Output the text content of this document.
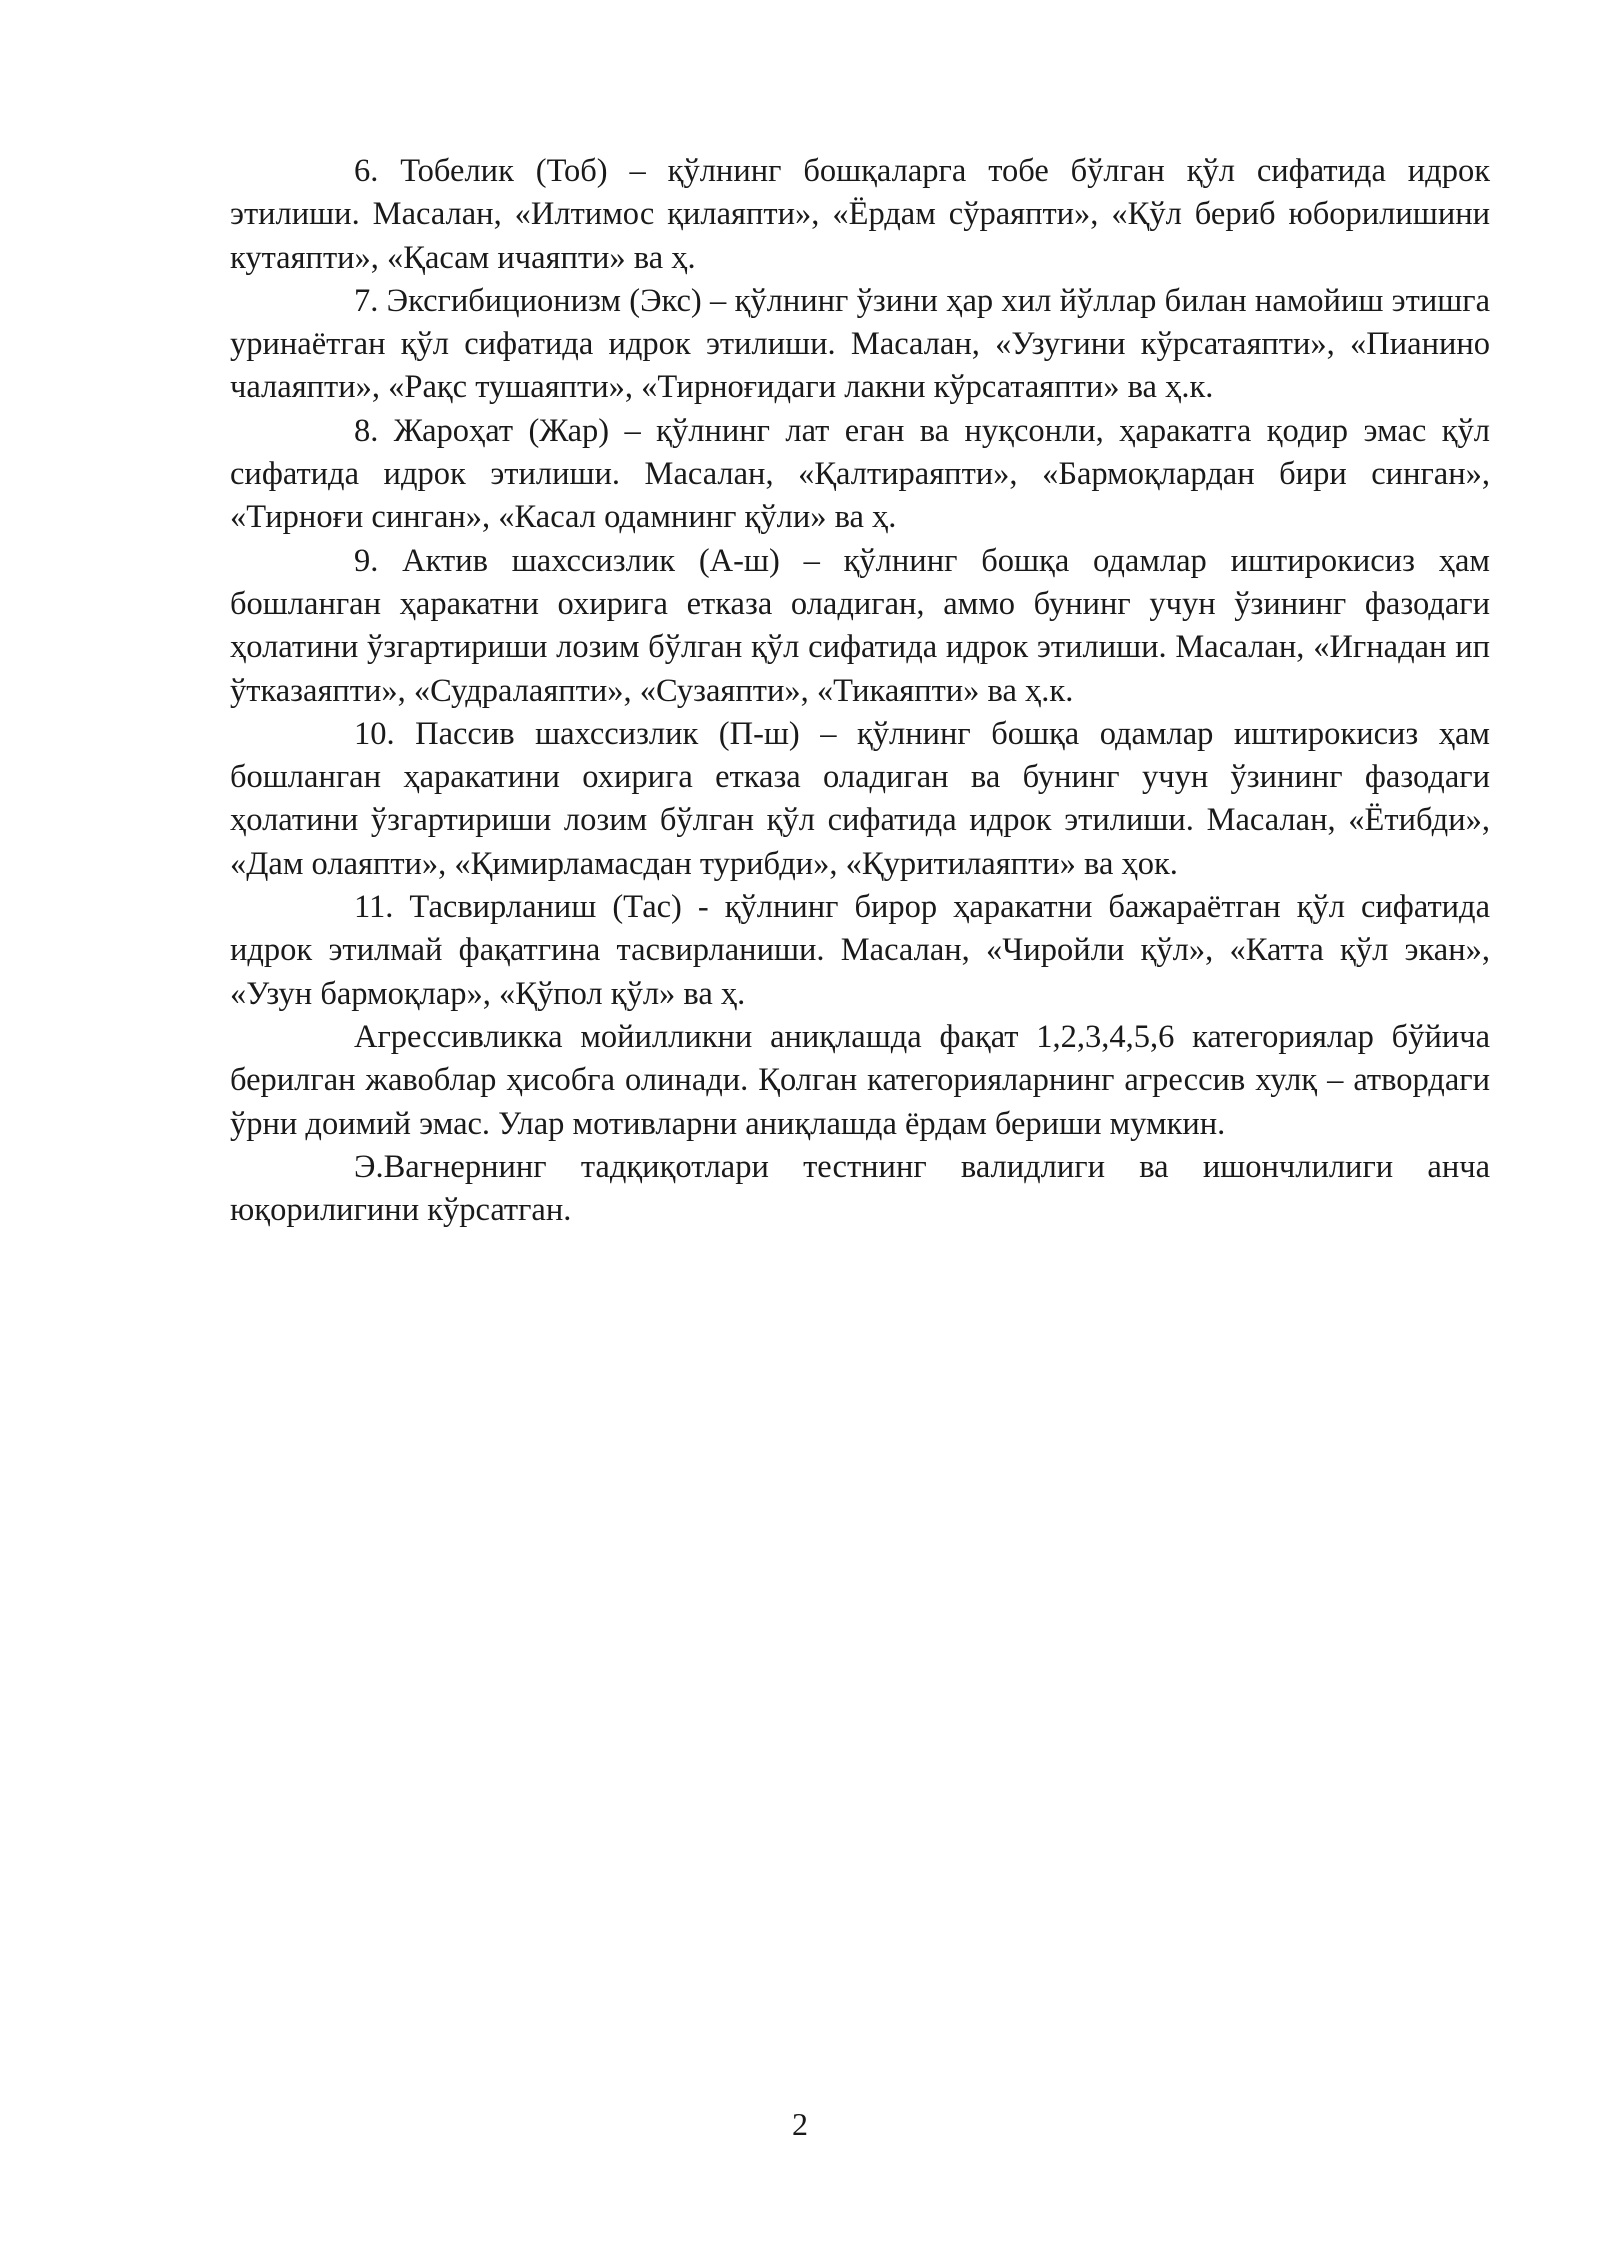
6. Тобелик (Тоб) – қўлнинг бошқаларга тобе бўлган қўл сифатида идрок этилиши. Масалан, «Илтимос қилаяпти», «Ёрдам сўраяпти», «Қўл бериб юборилишини кутаяпти», «Қасам ичаяпти» ва ҳ.

7. Эксгибиционизм (Экс) – қўлнинг ўзини ҳар хил йўллар билан намойиш этишга уринаётган қўл сифатида идрок этилиши. Масалан, «Узугини кўрсатаяпти», «Пианино чалаяпти», «Рақс тушаяпти», «Тирноғидаги лакни кўрсатаяпти» ва ҳ.к.

8. Жароҳат (Жар) – қўлнинг лат еган ва нуқсонли, ҳаракатга қодир эмас қўл сифатида идрок этилиши. Масалан, «Қалтираяпти», «Бармоқлардан бири синган», «Тирноғи синган», «Касал одамнинг қўли» ва ҳ.

9. Актив шахссизлик (А-ш) – қўлнинг бошқа одамлар иштирокисиз ҳам бошланган ҳаракатни охирига етказа оладиган, аммо бунинг учун ўзининг фазодаги ҳолатини ўзгартириши лозим бўлган қўл сифатида идрок этилиши. Масалан, «Игнадан ип ўтказаяпти», «Судралаяпти», «Сузаяпти», «Тикаяпти» ва ҳ.к.

10. Пассив шахссизлик (П-ш) – қўлнинг бошқа одамлар иштирокисиз ҳам бошланган ҳаракатини охирига етказа оладиган ва бунинг учун ўзининг фазодаги ҳолатини ўзгартириши лозим бўлган қўл сифатида идрок этилиши. Масалан, «Ётибди», «Дам олаяпти», «Қимирламасдан турибди», «Қуритилаяпти» ва ҳок.

11. Тасвирланиш (Тас) - қўлнинг бирор ҳаракатни бажараётган қўл сифатида идрок этилмай фақатгина тасвирланиши. Масалан, «Чиройли қўл», «Катта қўл экан», «Узун бармоқлар», «Қўпол қўл» ва ҳ.

Агрессивликка мойилликни аниқлашда фақат 1,2,3,4,5,6 категориялар бўйича берилган жавоблар ҳисобга олинади. Қолган категорияларнинг агрессив хулқ – атвордаги ўрни доимий эмас. Улар мотивларни аниқлашда ёрдам бериши мумкин.

Э.Вагнернинг тадқиқотлари тестнинг валидлиги ва ишончлилиги анча юқорилигини кўрсатган.

2
